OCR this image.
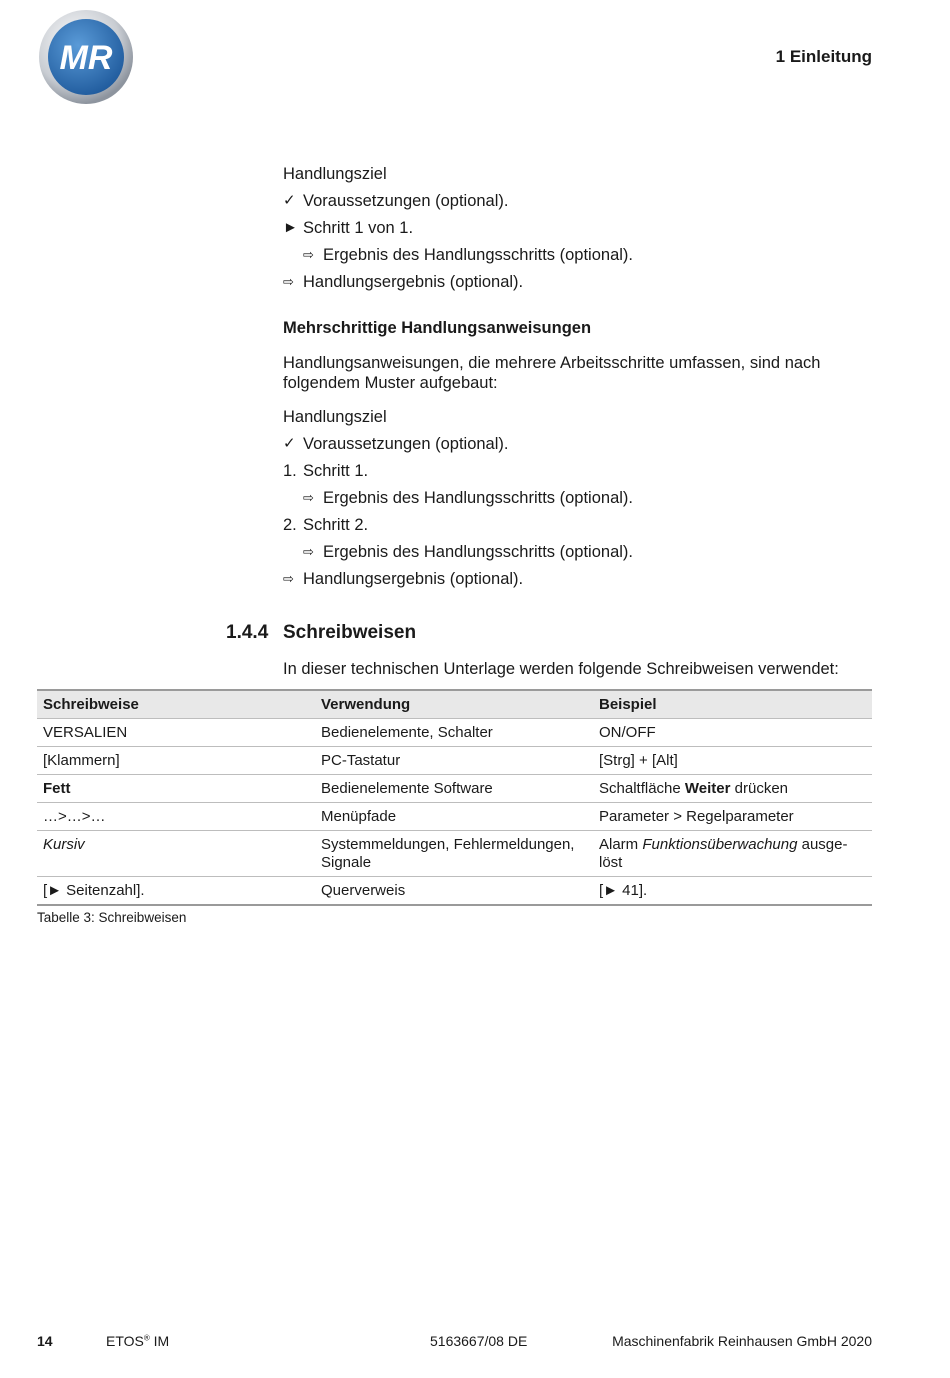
MR	1 Einleitung
Handlungsziel
✓ Voraussetzungen (optional).
► Schritt 1 von 1.
⇨ Ergebnis des Handlungsschritts (optional).
⇨ Handlungsergebnis (optional).

Mehrschrittige Handlungsanweisungen

Handlungsanweisungen, die mehrere Arbeitsschritte umfassen, sind nach folgendem Muster aufgebaut:

Handlungsziel
✓ Voraussetzungen (optional).
1. Schritt 1.
⇨ Ergebnis des Handlungsschritts (optional).
2. Schritt 2.
⇨ Ergebnis des Handlungsschritts (optional).
⇨ Handlungsergebnis (optional).
1.4.4 Schreibweisen
In dieser technischen Unterlage werden folgende Schreibweisen verwendet:
Schreibweise	Verwendung	Beispiel
VERSALIEN	Bedienelemente, Schalter	ON/OFF
[Klammern]	PC-Tastatur	[Strg] + [Alt]
Fett	Bedienelemente Software	Schaltfläche Weiter drücken
…>…>…	Menüpfade	Parameter > Regelparameter
Kursiv	Systemmeldungen, Fehlermeldungen, Signale	Alarm Funktionsüberwachung ausge-löst
[► Seitenzahl].	Querverweis	[► 41].
Tabelle 3: Schreibweisen
14	ETOS® IM	5163667/08 DE	Maschinenfabrik Reinhausen GmbH 2020
